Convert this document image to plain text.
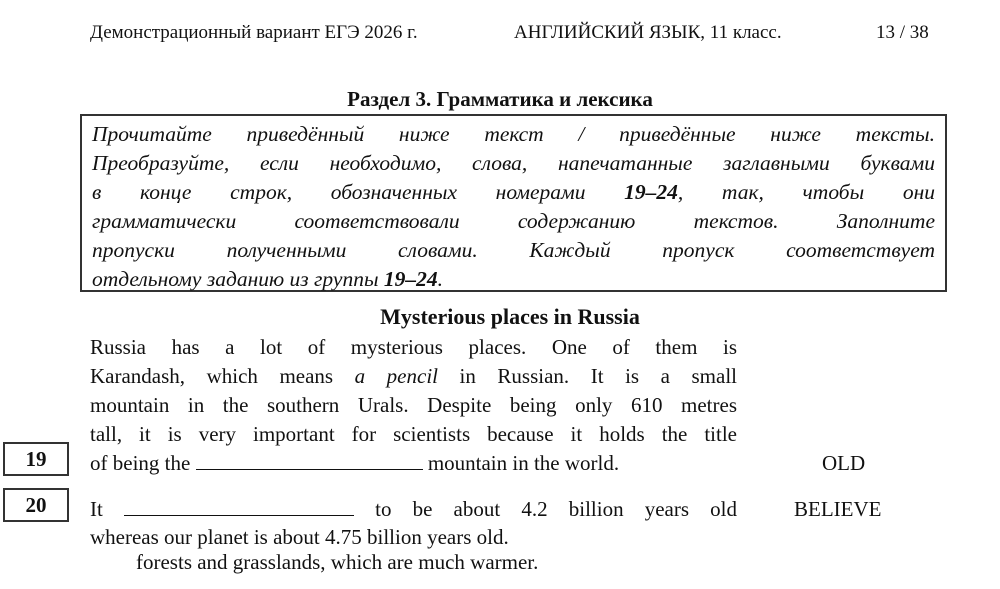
Демонстрационный вариант ЕГЭ 2026 г.	АНГЛИЙСКИЙ ЯЗЫК, 11 класс.	13 / 38
Раздел 3. Грамматика и лексика
Прочитайте приведённый ниже текст / приведённые ниже тексты.
Преобразуйте, если необходимо, слова, напечатанные заглавными буквами
в конце строк, обозначенных номерами 19–24, так, чтобы они
грамматически соответствовали содержанию текстов. Заполните
пропуски полученными словами. Каждый пропуск соответствует
отдельному заданию из группы 19–24.
Mysterious places in Russia
Russia has a lot of mysterious places. One of them is
Karandash, which means a pencil in Russian. It is a small
mountain in the southern Urals. Despite being only 610 metres
tall, it is very important for scientists because it holds the title
of being the	mountain in the world.
19	OLD
20	BELIEVE
It	to be about 4.2 billion years old
whereas our planet is about 4.75 billion years old.
forests and grasslands, which are much warmer.
